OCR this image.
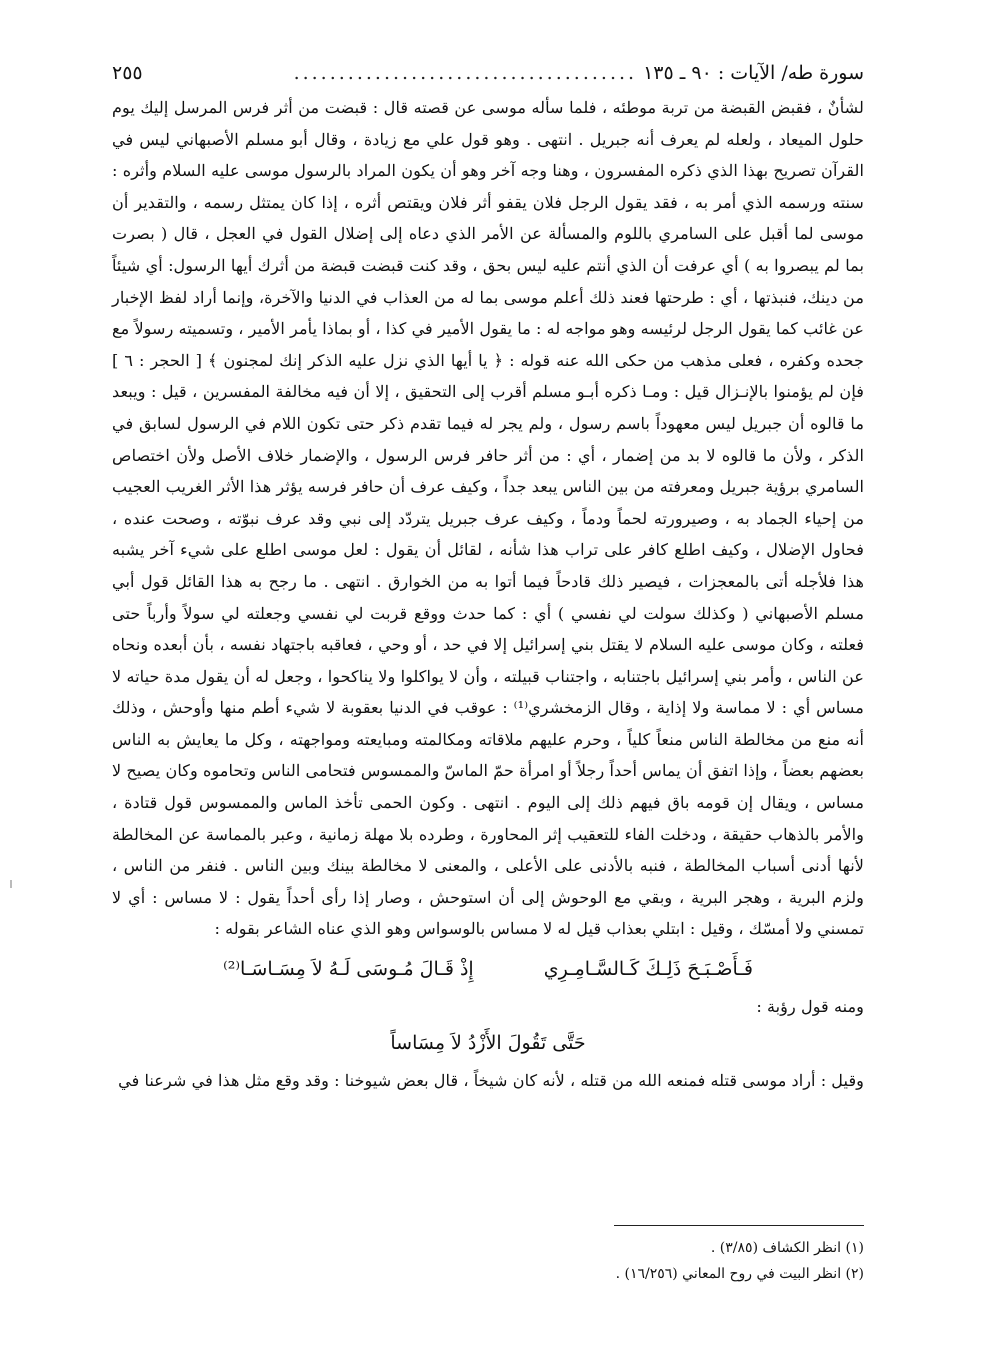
سورة طه/ الآيات : ٩٠ ـ ١٣٥
......................................
٢٥٥

لشأنٌ ، فقبض القبضة من تربة موطئه ، فلما سأله موسى عن قصته قال : قبضت من أثر فرس المرسل إليك يوم حلول الميعاد ، ولعله لم يعرف أنه جبريل . انتهى . وهو قول علي مع زيادة ، وقال أبو مسلم الأصبهاني ليس في القرآن تصريح بهذا الذي ذكره المفسرون ، وهنا وجه آخر وهو أن يكون المراد بالرسول موسى عليه السلام وأثره : سنته ورسمه الذي أمر به ، فقد يقول الرجل فلان يقفو أثر فلان ويقتص أثره ، إذا كان يمتثل رسمه ، والتقدير أن موسى لما أقبل على السامري باللوم والمسألة عن الأمر الذي دعاه إلى إضلال القول في العجل ، قال ( بصرت بما لم يبصروا به ) أي عرفت أن الذي أنتم عليه ليس بحق ، وقد كنت قبضت قبضة من أثرك أيها الرسول: أي شيئاً من دينك، فنبذتها ، أي : طرحتها فعند ذلك أعلم موسى بما له من العذاب في الدنيا والآخرة، وإنما أراد لفظ الإخبار عن غائب كما يقول الرجل لرئيسه وهو مواجه له : ما يقول الأمير في كذا ، أو بماذا يأمر الأمير ، وتسميته رسولاً مع جحده وكفره ، فعلى مذهب من حكى الله عنه قوله : ﴿ يا أيها الذي نزل عليه الذكر إنك لمجنون ﴾ [ الحجر : ٦ ] فإن لم يؤمنوا بالإنـزال قيل : ومـا ذكره أبـو مسلم أقرب إلى التحقيق ، إلا أن فيه مخالفة المفسرين ، قيل : ويبعد ما قالوه أن جبريل ليس معهوداً باسم رسول ، ولم يجر له فيما تقدم ذكر حتى تكون اللام في الرسول لسابق في الذكر ، ولأن ما قالوه لا بد من إضمار ، أي : من أثر حافر فرس الرسول ، والإضمار خلاف الأصل ولأن اختصاص السامري برؤية جبريل ومعرفته من بين الناس يبعد جداً ، وكيف عرف أن حافر فرسه يؤثر هذا الأثر الغريب العجيب من إحياء الجماد به ، وصيرورته لحماً ودماً ، وكيف عرف جبريل يتردّد إلى نبي وقد عرف نبوّته ، وصحت عنده ، فحاول الإضلال ، وكيف اطلع كافر على تراب هذا شأنه ، لقائل أن يقول : لعل موسى اطلع على شيء آخر يشبه هذا فلأجله أتى بالمعجزات ، فيصير ذلك قادحاً فيما أتوا به من الخوارق . انتهى . ما رجح به هذا القائل قول أبي مسلم الأصبهاني ( وكذلك سولت لي نفسي ) أي : كما حدث ووقع قربت لي نفسي وجعلته لي سولاً وأرباً حتى فعلته ، وكان موسى عليه السلام لا يقتل بني إسرائيل إلا في حد ، أو وحي ، فعاقبه باجتهاد نفسه ، بأن أبعده ونحاه عن الناس ، وأمر بني إسرائيل باجتنابه ، واجتناب قبيلته ، وأن لا يواكلوا ولا يناكحوا ، وجعل له أن يقول مدة حياته لا مساس أي : لا مماسة ولا إذاية ، وقال الزمخشري⁽¹⁾ : عوقب في الدنيا بعقوبة لا شيء أطم منها وأوحش ، وذلك أنه منع من مخالطة الناس منعاً كلياً ، وحرم عليهم ملاقاته ومكالمته ومبايعته ومواجهته ، وكل ما يعايش به الناس بعضهم بعضاً ، وإذا اتفق أن يماس أحداً رجلاً أو امرأة حمّ الماسّ والممسوس فتحامى الناس وتحاموه وكان يصيح لا مساس ، ويقال إن قومه باق فيهم ذلك إلى اليوم . انتهى . وكون الحمى تأخذ الماس والممسوس قول قتادة ، والأمر بالذهاب حقيقة ، ودخلت الفاء للتعقيب إثر المحاورة ، وطرده بلا مهلة زمانية ، وعبر بالمماسة عن المخالطة لأنها أدنى أسباب المخالطة ، فنبه بالأدنى على الأعلى ، والمعنى لا مخالطة بينك وبين الناس . فنفر من الناس ، ولزم البرية ، وهجر البرية ، وبقي مع الوحوش إلى أن استوحش ، وصار إذا رأى أحداً يقول : لا مساس : أي لا تمسني ولا أمسّك ، وقيل : ابتلي بعذاب قيل له لا مساس بالوسواس وهو الذي عناه الشاعر بقوله :

فَـأَصْـبَـحَ ذَلِـكَ كَـالسَّـامِـرِي
إِذْ قَـالَ مُـوسَى لَـهُ لاَ مِسَـاسَـا⁽²⁾

ومنه قول رؤبة :

حَتَّى تَقُولَ الأَزْدُ لاَ مِسَاساً

وقيل : أراد موسى قتله فمنعه الله من قتله ، لأنه كان شيخاً ، قال بعض شيوخنا : وقد وقع مثل هذا في شرعنا في

(١) انظر الكشاف (٣/٨٥) .

(٢) انظر البيت في روح المعاني (١٦/٢٥٦) .
